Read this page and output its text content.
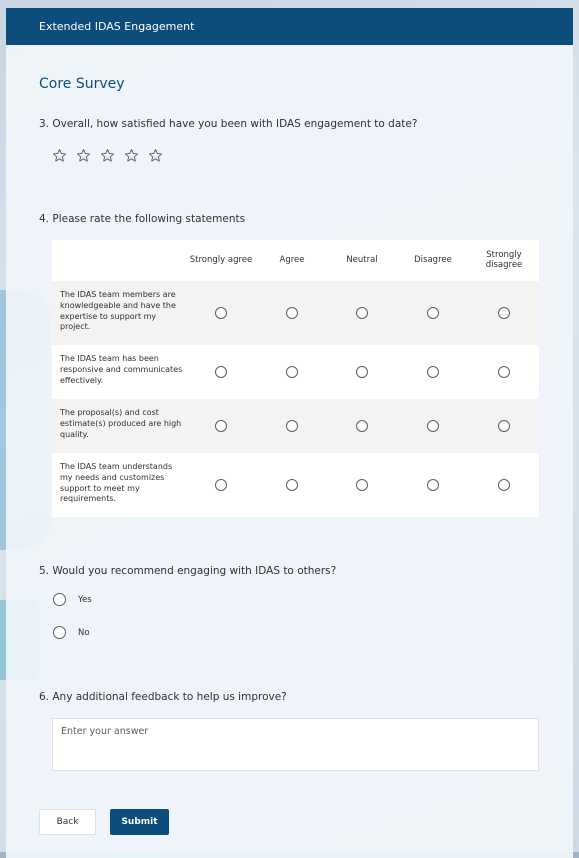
Extended IDAS Engagement
Core Survey
3. Overall, how satisfied have you been with IDAS engagement to date?
4. Please rate the following statements
Strongly agree	Agree	Neutral	Disagree	Strongly disagree
The IDAS team members are knowledgeable and have the expertise to support my project.
The IDAS team has been responsive and communicates effectively.
The proposal(s) and cost estimate(s) produced are high quality.
The IDAS team understands my needs and customizes support to meet my requirements.
5. Would you recommend engaging with IDAS to others?
Yes
No
6. Any additional feedback to help us improve?
Enter your answer
Back	Submit
